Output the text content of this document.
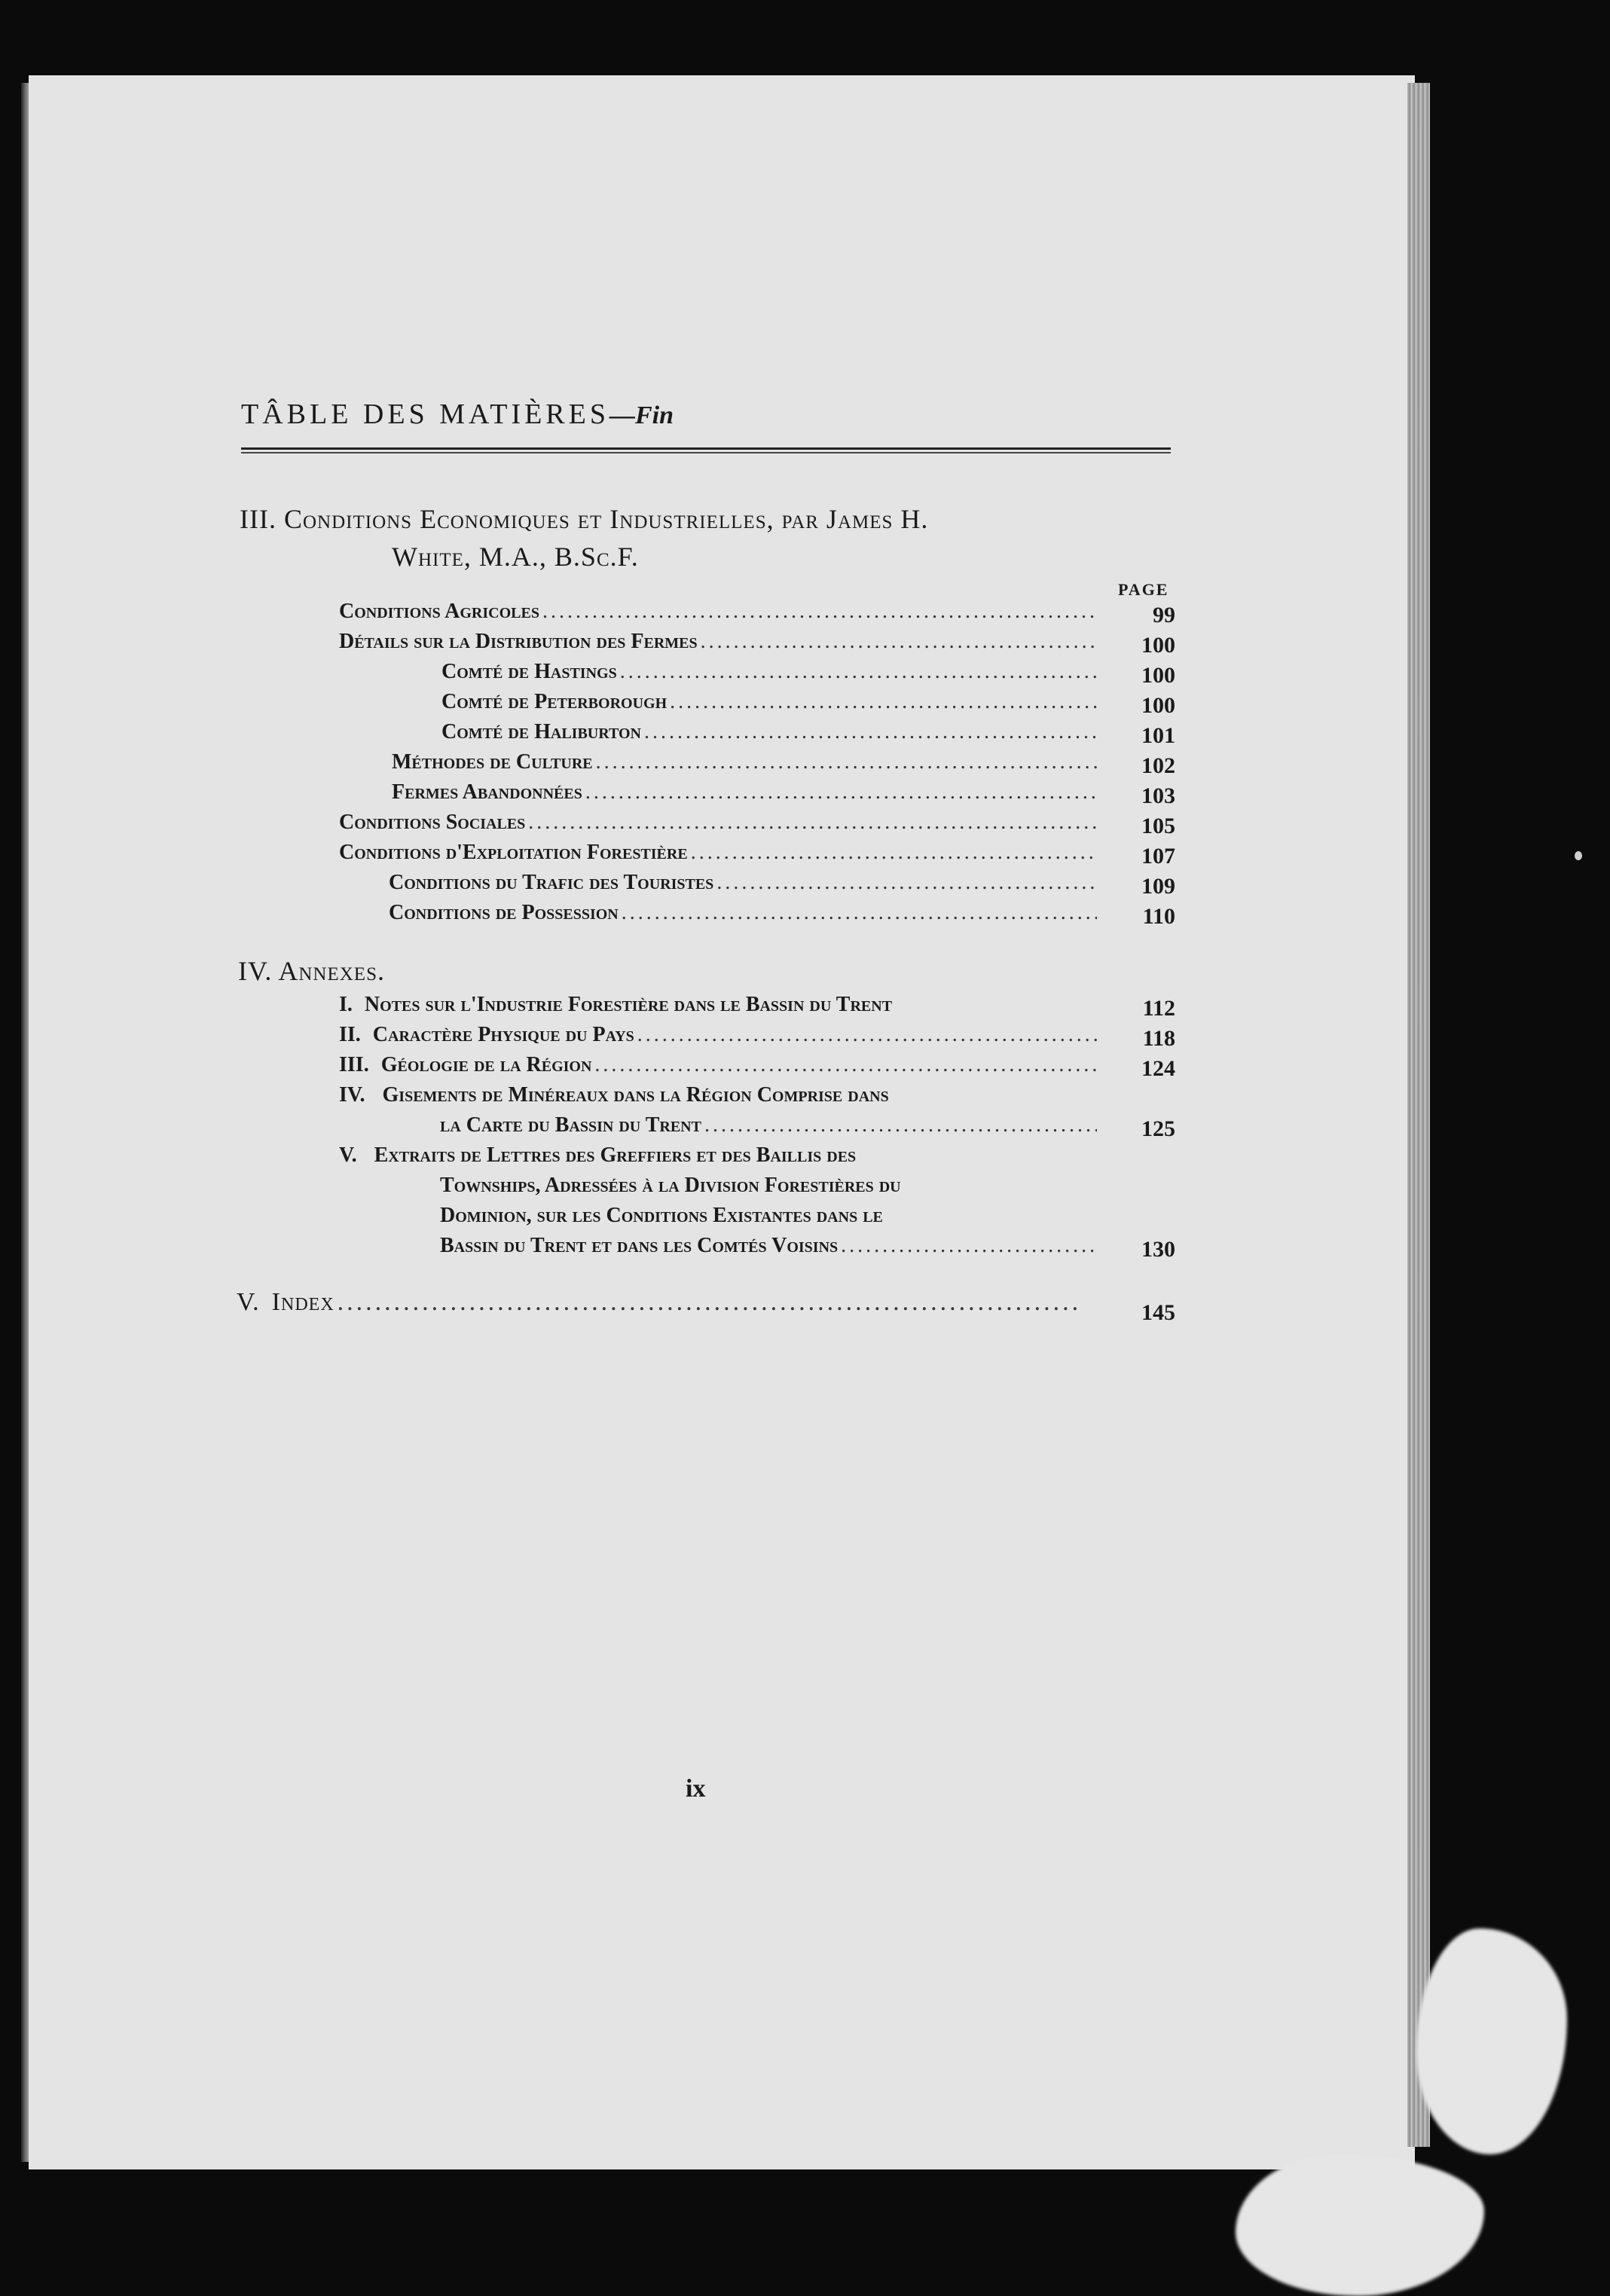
TÂBLE DES MATIÈRES—Fin
III. Conditions Economiques et Industrielles, par James H.
White, M.A., B.Sc.F.
PAGE
Conditions Agricoles .....	99
Détails sur la Distribution des Fermes .....	100
Comté de Hastings .....	100
Comté de Peterborough .....	100
Comté de Haliburton .....	101
Méthodes de Culture .....	102
Fermes Abandonnées .....	103
Conditions Sociales .....	105
Conditions d'Exploitation Forestière .....	107
Conditions du Trafic des Touristes .....	109
Conditions de Possession .....	110
IV. Annexes.
I. Notes sur l'Industrie Forestière dans le Bassin du Trent	112
II. Caractère Physique du Pays .....	118
III. Géologie de la Région .....	124
IV. Gisements de Minéreaux dans la Région Comprise dans
la Carte du Bassin du Trent .....	125
V. Extraits de Lettres des Greffiers et des Baillis des
Townships, Adressées à la Division Forestières du
Dominion, sur les Conditions Existantes dans le
Bassin du Trent et dans les Comtés Voisins .....	130
V. Index .....	145
ix
